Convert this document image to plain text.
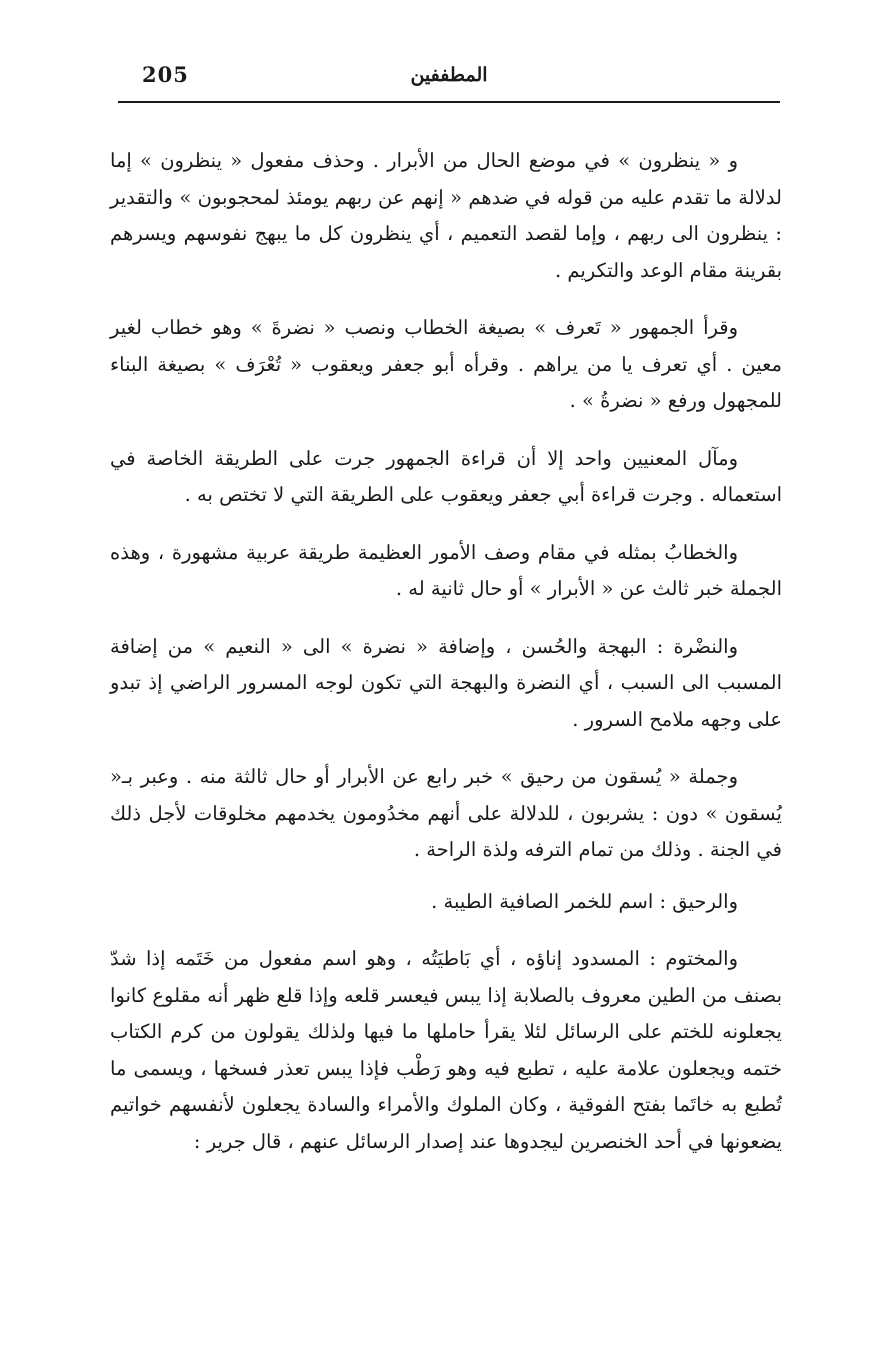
205	المطففين

و « ينظرون » في موضع الحال من الأبرار . وحذف مفعول « ينظرون » إما لدلالة ما تقدم عليه من قوله في ضدهم « إنهم عن ربهم يومئذ لمحجوبون » والتقدير : ينظرون الى ربهم ، وإما لقصد التعميم ، أي ينظرون كل ما يبهج نفوسهم ويسرهم بقرينة مقام الوعد والتكريم .

وقرأ الجمهور « تَعرف » بصيغة الخطاب ونصب « نضرةَ » وهو خطاب لغير معين . أي تعرف يا من يراهم . وقرأه أبو جعفر ويعقوب « تُعْرَف » بصيغة البناء للمجهول ورفع « نضرةُ » .

ومآل المعنيين واحد إلا أن قراءة الجمهور جرت على الطريقة الخاصة في استعماله . وجرت قراءة أبي جعفر ويعقوب على الطريقة التي لا تختص به .

والخطابُ بمثله في مقام وصف الأمور العظيمة طريقة عربية مشهورة ، وهذه الجملة خبر ثالث عن « الأبرار » أو حال ثانية له .

والنضْرة : البهجة والحُسن ، وإضافة « نضرة » الى « النعيم » من إضافة المسبب الى السبب ، أي النضرة والبهجة التي تكون لوجه المسرور الراضي إذ تبدو على وجهه ملامح السرور .

وجملة « يُسقون من رحيق » خبر رابع عن الأبرار أو حال ثالثة منه . وعبر بـ« يُسقون » دون : يشربون ، للدلالة على أنهم مخدُومون يخدمهم مخلوقات لأجل ذلك في الجنة . وذلك من تمام الترفه ولذة الراحة .

والرحيق : اسم للخمر الصافية الطيبة .

والمختوم : المسدود إناؤه ، أي بَاطيَتُه ، وهو اسم مفعول من خَتَمه إذا شدّ بصنف من الطين معروف بالصلابة إذا يبس فيعسر قلعه وإذا قلع ظهر أنه مقلوع كانوا يجعلونه للختم على الرسائل لئلا يقرأ حاملها ما فيها ولذلك يقولون من كرم الكتاب ختمه ويجعلون علامة عليه ، تطبع فيه وهو رَطْب فإذا يبس تعذر فسخها ، ويسمى ما تُطبع به خاتَما بفتح الفوقية ، وكان الملوك والأمراء والسادة يجعلون لأنفسهم خواتيم يضعونها في أحد الخنصرين ليجدوها عند إصدار الرسائل عنهم ، قال جرير :
